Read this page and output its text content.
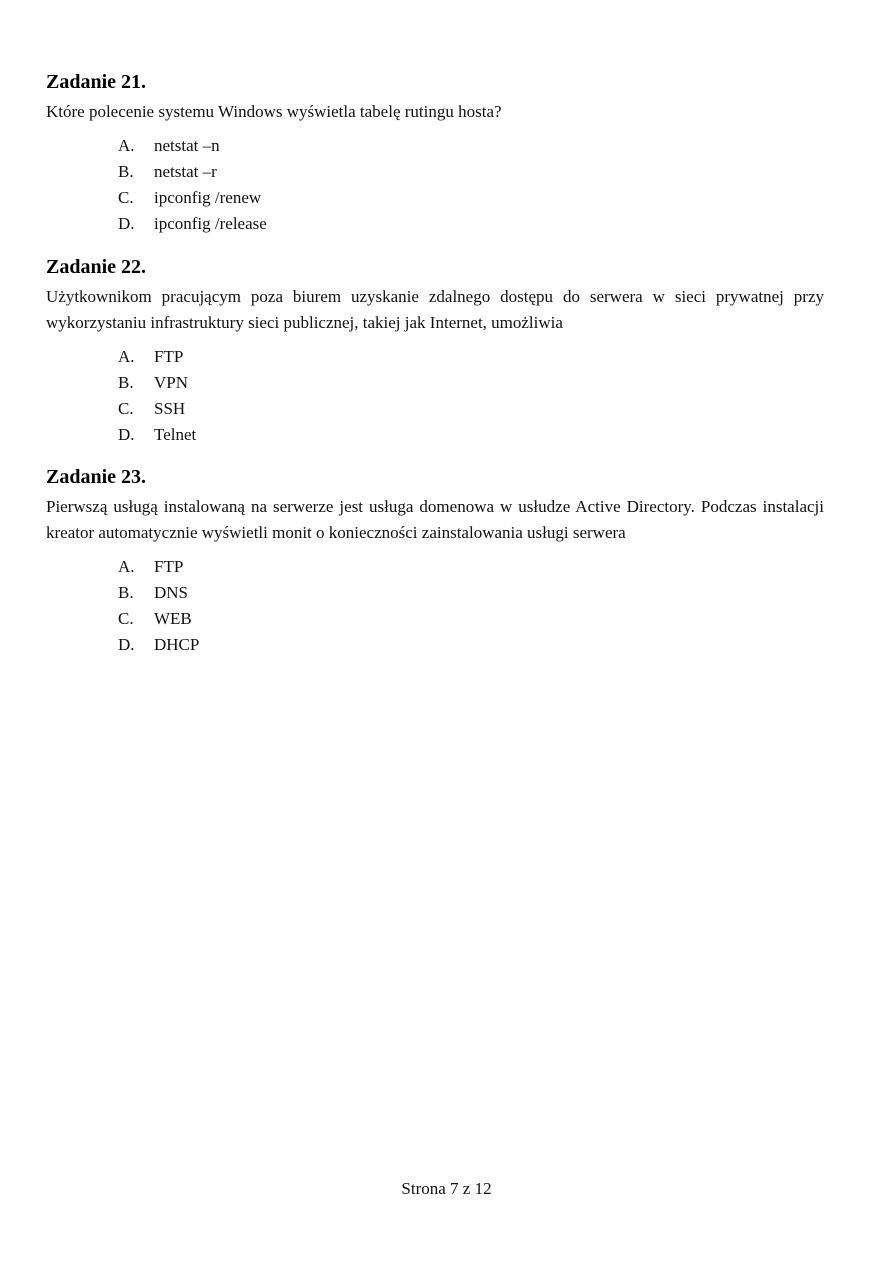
Zadanie 21.

Które polecenie systemu Windows wyświetla tabelę rutingu hosta?

A.	netstat –n
B.	netstat –r
C.	ipconfig /renew
D.	ipconfig /release
Zadanie 22.

Użytkownikom pracującym poza biurem uzyskanie zdalnego dostępu do serwera w sieci prywatnej przy wykorzystaniu infrastruktury sieci publicznej, takiej jak Internet, umożliwia

A.	FTP
B.	VPN
C.	SSH
D.	Telnet
Zadanie 23.

Pierwszą usługą instalowaną na serwerze jest usługa domenowa w usłudze Active Directory. Podczas instalacji kreator automatycznie wyświetli monit o konieczności zainstalowania usługi serwera

A.	FTP
B.	DNS
C.	WEB
D.	DHCP
Strona 7 z 12
